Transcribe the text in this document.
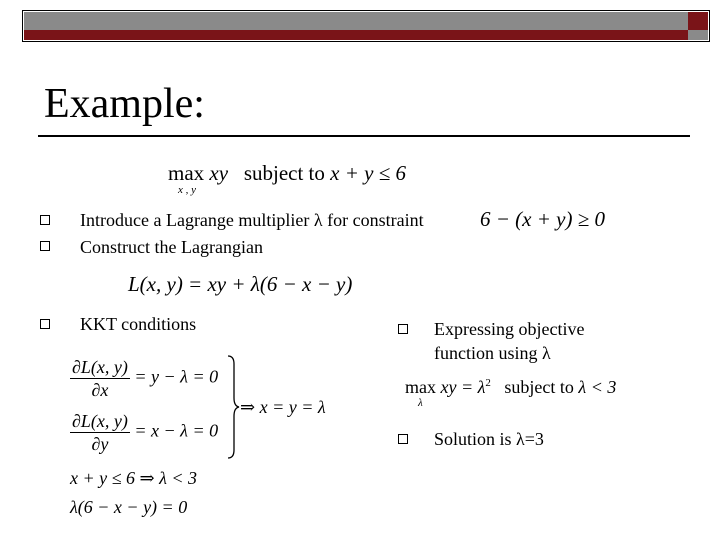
Example:
max xy subject to x + y ≤ 6
x , y
Introduce a Lagrange multiplier λ for constraint	6 − (x + y) ≥ 0
Construct the Lagrangian
L(x, y) = xy + λ(6 − x − y)
KKT conditions
$\frac{\partial L(x, y)}{\partial x} = y - \lambda = 0$
$\frac{\partial L(x, y)}{\partial y} = x - \lambda = 0$
⇒ x = y = λ
x + y ≤ 6 ⇒ λ < 3
λ(6 − x − y) = 0
Expressing objective
function using λ
max xy = $\lambda^2$ subject to λ < 3
λ
Solution is λ=3
